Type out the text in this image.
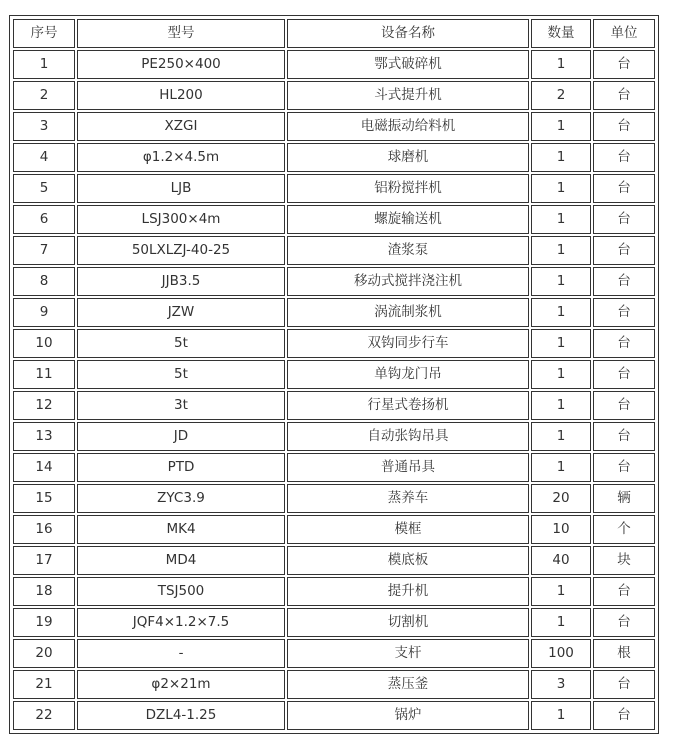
序号	型号	设备名称	数量	单位
1	PE250×400	鄂式破碎机	1	台
2	HL200	斗式提升机	2	台
3	XZGI	电磁振动给料机	1	台
4	φ1.2×4.5m	球磨机	1	台
5	LJB	铝粉搅拌机	1	台
6	LSJ300×4m	螺旋输送机	1	台
7	50LXLZJ-40-25	渣浆泵	1	台
8	JJB3.5	移动式搅拌浇注机	1	台
9	JZW	涡流制浆机	1	台
10	5t	双钩同步行车	1	台
11	5t	单钩龙门吊	1	台
12	3t	行星式卷扬机	1	台
13	JD	自动张钩吊具	1	台
14	PTD	普通吊具	1	台
15	ZYC3.9	蒸养车	20	辆
16	MK4	模框	10	个
17	MD4	模底板	40	块
18	TSJ500	提升机	1	台
19	JQF4×1.2×7.5	切割机	1	台
20	-	支杆	100	根
21	φ2×21m	蒸压釜	3	台
22	DZL4-1.25	锅炉	1	台
